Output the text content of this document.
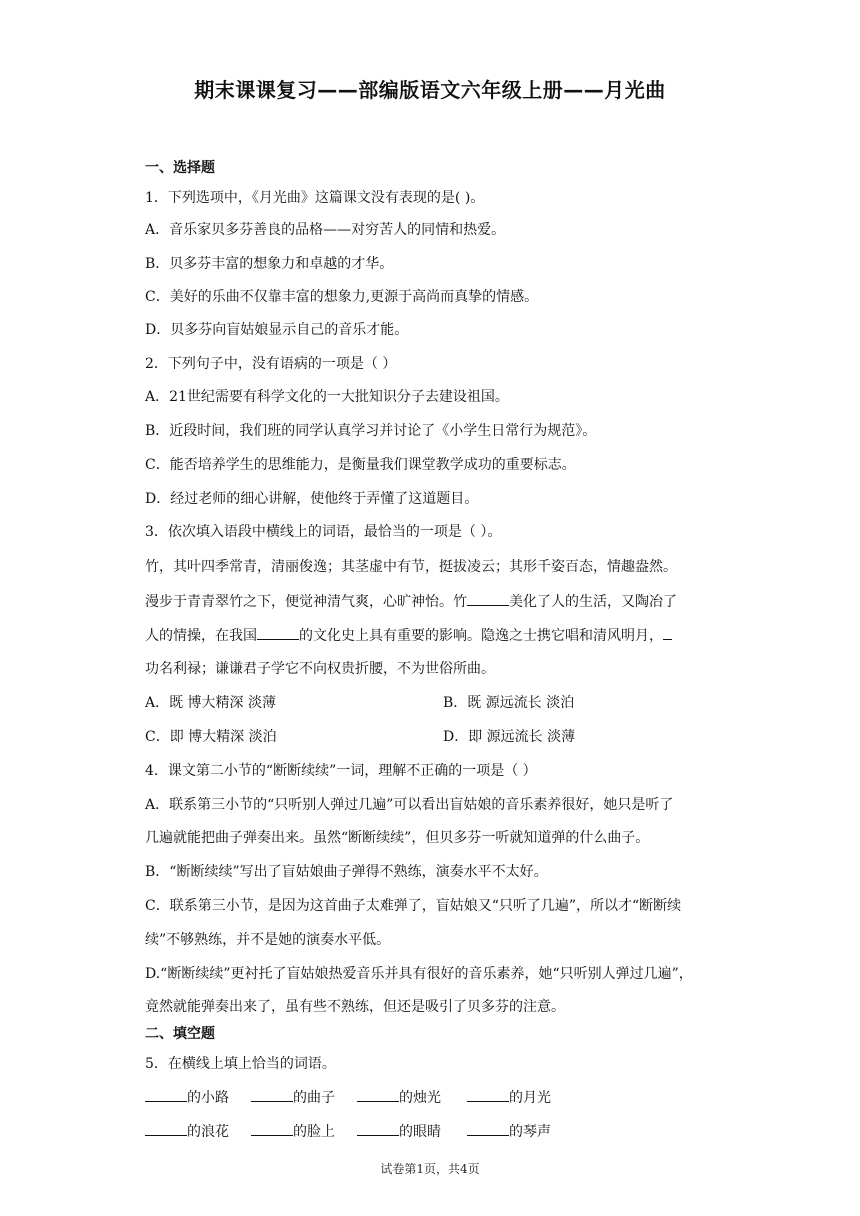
期末课课复习——部编版语文六年级上册——月光曲
一、选择题
1．下列选项中，《月光曲》这篇课文没有表现的是( )。
A．音乐家贝多芬善良的品格——对穷苦人的同情和热爱。
B．贝多芬丰富的想象力和卓越的才华。
C．美好的乐曲不仅靠丰富的想象力,更源于高尚而真挚的情感。
D．贝多芬向盲姑娘显示自己的音乐才能。
2．下列句子中，没有语病的一项是（ ）
A．21世纪需要有科学文化的一大批知识分子去建设祖国。
B．近段时间，我们班的同学认真学习并讨论了《小学生日常行为规范》。
C．能否培养学生的思维能力，是衡量我们课堂教学成功的重要标志。
D．经过老师的细心讲解，使他终于弄懂了这道题目。
3．依次填入语段中横线上的词语，最恰当的一项是（ ）。
竹，其叶四季常青，清丽俊逸；其茎虚中有节，挺拔凌云；其形千姿百态，情趣盎然。
漫步于青青翠竹之下，便觉神清气爽，心旷神怡。竹	美化了人的生活，又陶冶了
人的情操，在我国	的文化史上具有重要的影响。隐逸之士携它唱和清风明月，
功名利禄；谦谦君子学它不向权贵折腰，不为世俗所曲。
A．既 博大精深 淡薄	B．既 源远流长 淡泊
C．即 博大精深 淡泊	D．即 源远流长 淡薄
4．课文第二小节的“断断续续”一词，理解不正确的一项是（ ）
A．联系第三小节的“只听别人弹过几遍”可以看出盲姑娘的音乐素养很好，她只是听了
几遍就能把曲子弹奏出来。虽然“断断续续”，但贝多芬一听就知道弹的什么曲子。
B．“断断续续”写出了盲姑娘曲子弹得不熟练，演奏水平不太好。
C．联系第三小节，是因为这首曲子太难弹了，盲姑娘又“只听了几遍”，所以才“断断续
续”不够熟练，并不是她的演奏水平低。
D.“断断续续”更衬托了盲姑娘热爱音乐并具有很好的音乐素养，她“只听别人弹过几遍”，
竟然就能弹奏出来了，虽有些不熟练，但还是吸引了贝多芬的注意。
二、填空题
5．在横线上填上恰当的词语。
的小路	的曲子	的烛光	的月光
的浪花	的脸上	的眼睛	的琴声
试卷第1页，共4页
